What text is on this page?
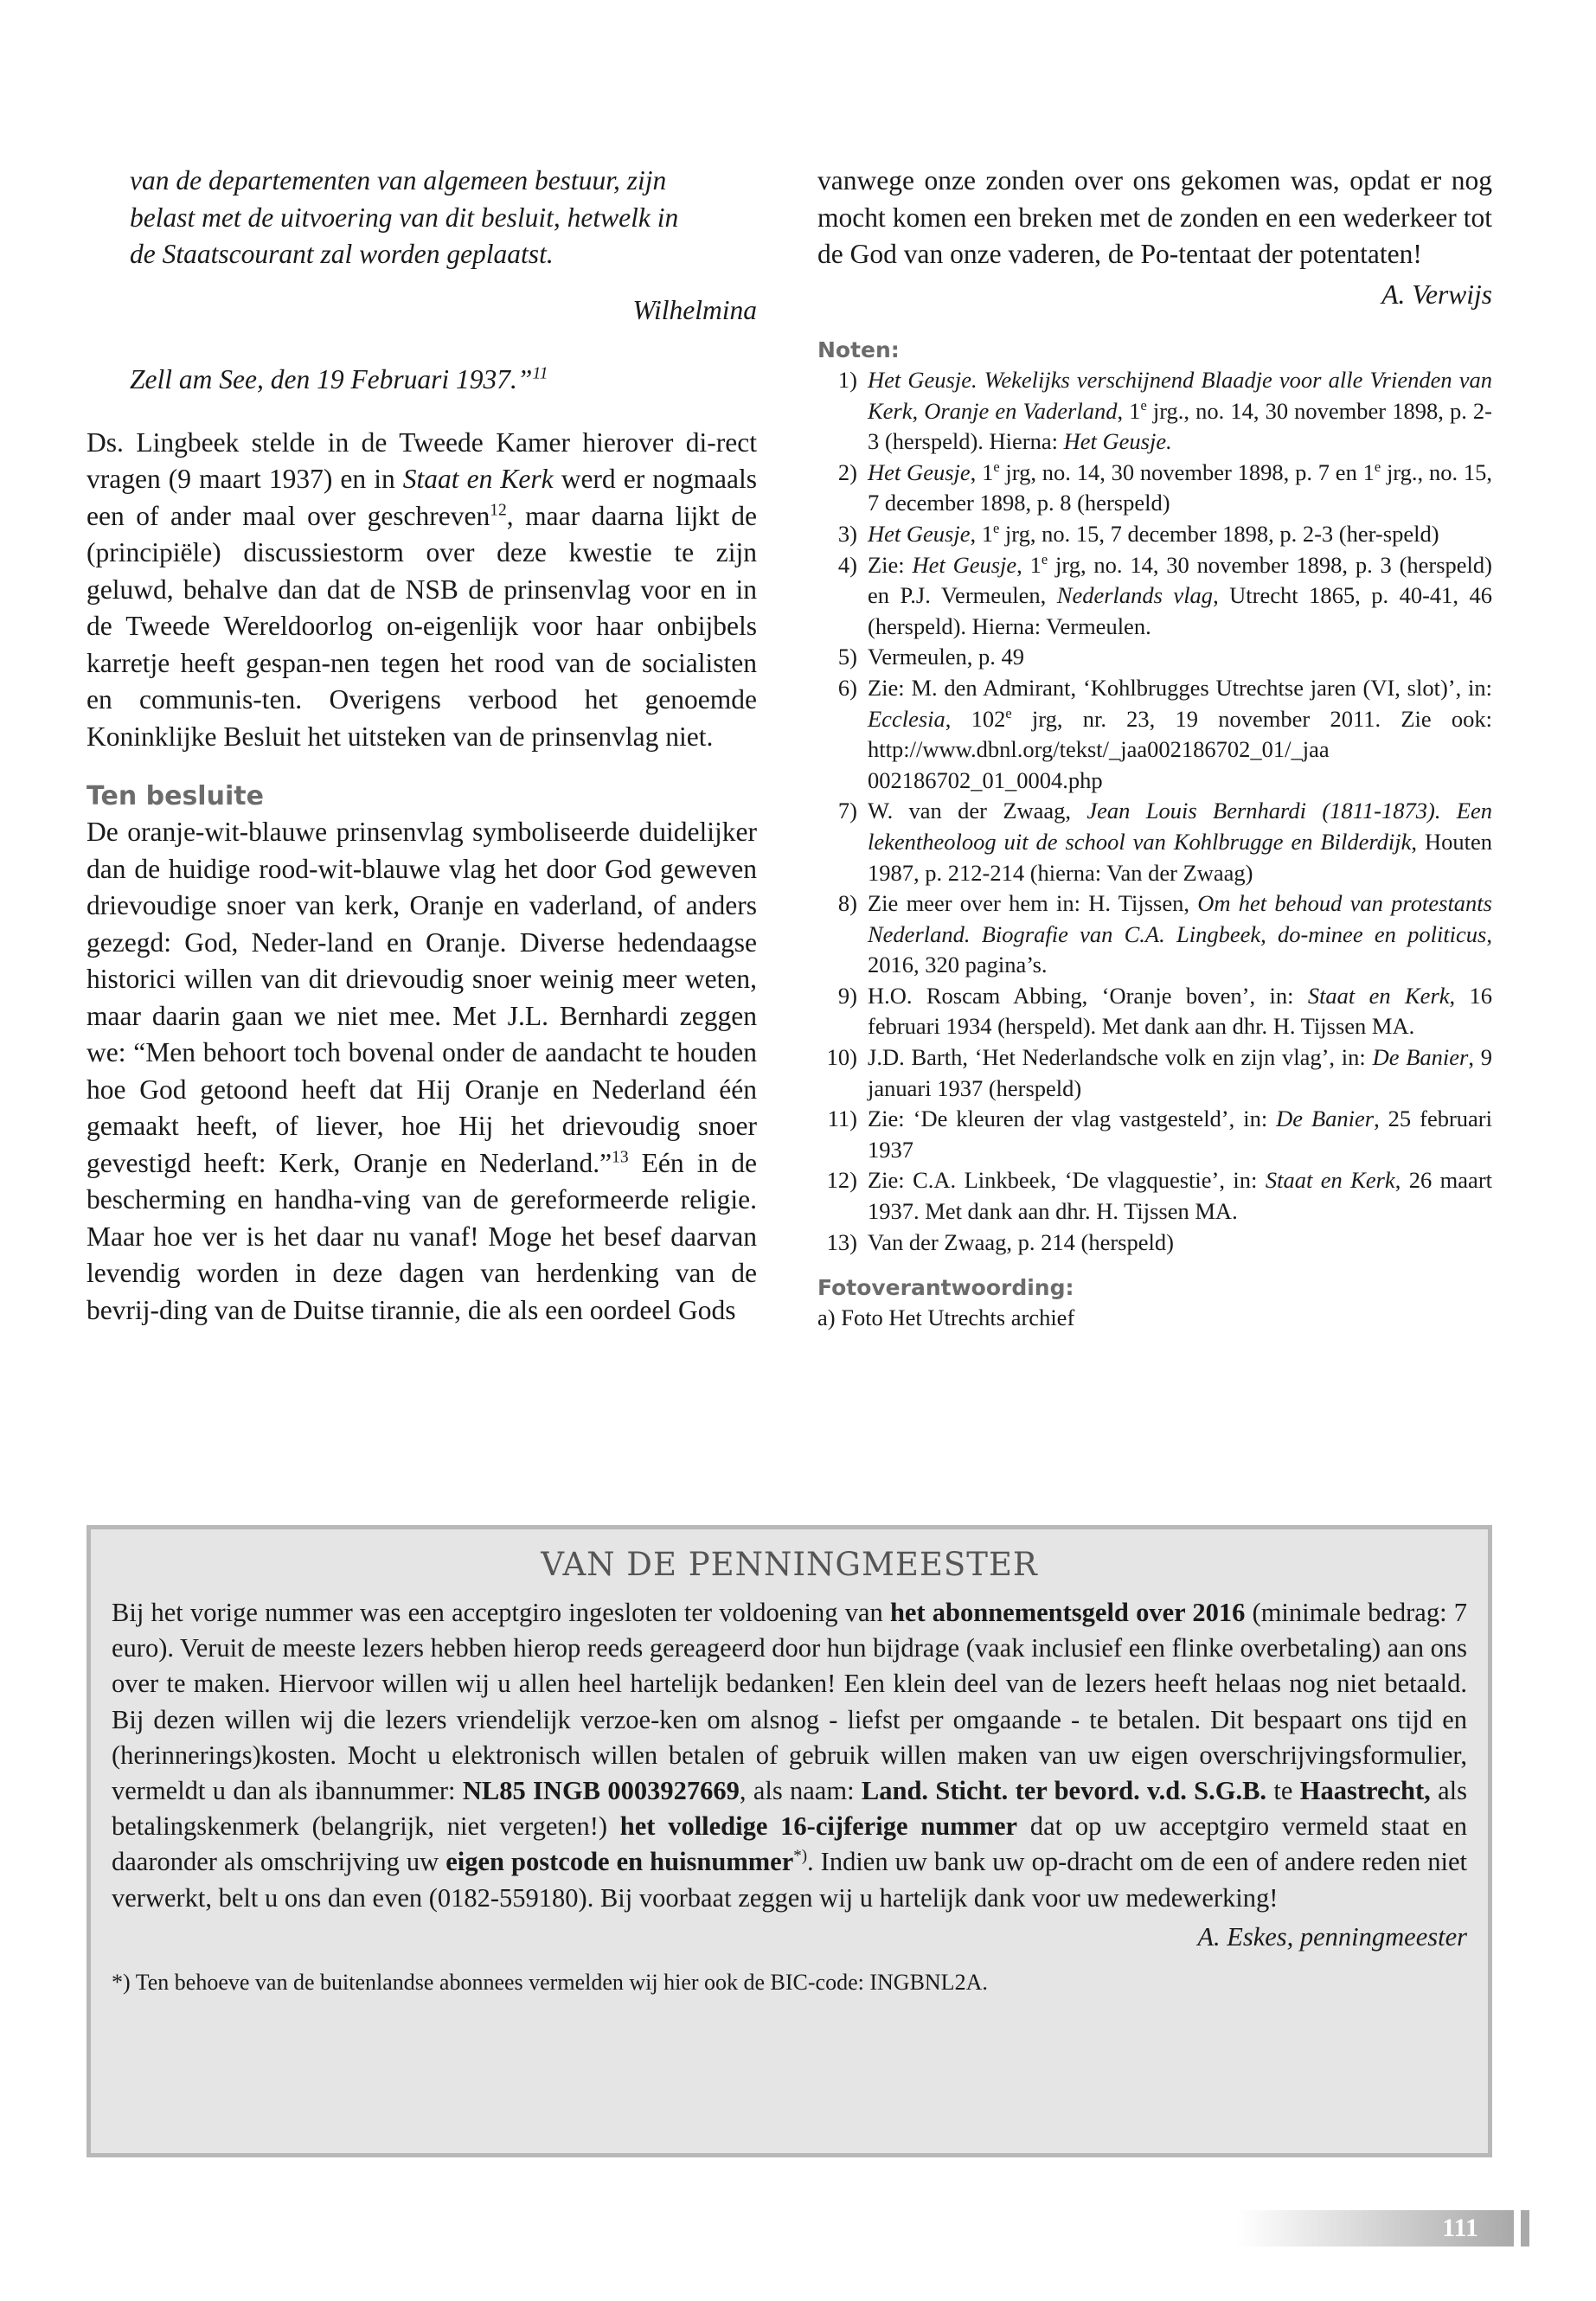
van de departementen van algemeen bestuur, zijn
belast met de uitvoering van dit besluit, hetwelk in
de Staatscourant zal worden geplaatst.
Wilhelmina
Zell am See, den 19 Februari 1937.”$^{11}$

Ds. Lingbeek stelde in de Tweede Kamer hierover di-rect vragen (9 maart 1937) en in Staat en Kerk werd er nogmaals een of ander maal over geschreven$^{12}$, maar daarna lijkt de (principiële) discussiestorm over deze kwestie te zijn geluwd, behalve dan dat de NSB de prinsenvlag voor en in de Tweede Wereldoorlog on-eigenlijk voor haar onbijbels karretje heeft gespan-nen tegen het rood van de socialisten en communis-ten. Overigens verbood het genoemde Koninklijke Besluit het uitsteken van de prinsenvlag niet.

Ten besluite

De oranje-wit-blauwe prinsenvlag symboliseerde duidelijker dan de huidige rood-wit-blauwe vlag het door God geweven drievoudige snoer van kerk, Oranje en vaderland, of anders gezegd: God, Neder-land en Oranje. Diverse hedendaagse historici willen van dit drievoudig snoer weinig meer weten, maar daarin gaan we niet mee. Met J.L. Bernhardi zeggen we: “Men behoort toch bovenal onder de aandacht te houden hoe God getoond heeft dat Hij Oranje en Nederland één gemaakt heeft, of liever, hoe Hij het drievoudig snoer gevestigd heeft: Kerk, Oranje en Nederland.”$^{13}$ Eén in de bescherming en handha-ving van de gereformeerde religie. Maar hoe ver is het daar nu vanaf! Moge het besef daarvan levendig worden in deze dagen van herdenking van de bevrij-ding van de Duitse tirannie, die als een oordeel Gods

vanwege onze zonden over ons gekomen was, opdat er nog mocht komen een breken met de zonden en een wederkeer tot de God van onze vaderen, de Po-tentaat der potentaten!

A. Verwijs
Noten:
1) Het Geusje. Wekelijks verschijnend Blaadje voor alle Vrienden van Kerk, Oranje en Vaderland, 1e jrg., no. 14, 30 november 1898, p. 2-3 (herspeld). Hierna: Het Geusje.
2) Het Geusje, 1e jrg, no. 14, 30 november 1898, p. 7 en 1e jrg., no. 15, 7 december 1898, p. 8 (herspeld)
3) Het Geusje, 1e jrg, no. 15, 7 december 1898, p. 2-3 (her-speld)
4) Zie: Het Geusje, 1e jrg, no. 14, 30 november 1898, p. 3 (herspeld) en P.J. Vermeulen, Nederlands vlag, Utrecht 1865, p. 40-41, 46 (herspeld). Hierna: Vermeulen.
5) Vermeulen, p. 49
6) Zie: M. den Admirant, ‘Kohlbrugges Utrechtse jaren (VI, slot)’, in: Ecclesia, 102e jrg, nr. 23, 19 november 2011. Zie ook: http://www.dbnl.org/tekst/_jaa002186702_01/_jaa 002186702_01_0004.php
7) W. van der Zwaag, Jean Louis Bernhardi (1811-1873). Een lekentheoloog uit de school van Kohlbrugge en Bilderdijk, Houten 1987, p. 212-214 (hierna: Van der Zwaag)
8) Zie meer over hem in: H. Tijssen, Om het behoud van protestants Nederland. Biografie van C.A. Lingbeek, do-minee en politicus, 2016, 320 pagina’s.
9) H.O. Roscam Abbing, ‘Oranje boven’, in: Staat en Kerk, 16 februari 1934 (herspeld). Met dank aan dhr. H. Tijssen MA.
10) J.D. Barth, ‘Het Nederlandsche volk en zijn vlag’, in: De Banier, 9 januari 1937 (herspeld)
11) Zie: ‘De kleuren der vlag vastgesteld’, in: De Banier, 25 februari 1937
12) Zie: C.A. Linkbeek, ‘De vlagquestie’, in: Staat en Kerk, 26 maart 1937. Met dank aan dhr. H. Tijssen MA.
13) Van der Zwaag, p. 214 (herspeld)
Fotoverantwoording:
a) Foto Het Utrechts archief
VAN DE PENNINGMEESTER

Bij het vorige nummer was een acceptgiro ingesloten ter voldoening van het abonnementsgeld over 2016 (minimale bedrag: 7 euro). Veruit de meeste lezers hebben hierop reeds gereageerd door hun bijdrage (vaak inclusief een flinke overbetaling) aan ons over te maken. Hiervoor willen wij u allen heel hartelijk bedanken! Een klein deel van de lezers heeft helaas nog niet betaald. Bij dezen willen wij die lezers vriendelijk verzoe-ken om alsnog - liefst per omgaande - te betalen. Dit bespaart ons tijd en (herinnerings)kosten. Mocht u elektronisch willen betalen of gebruik willen maken van uw eigen overschrijvingsformulier, vermeldt u dan als ibannummer: NL85 INGB 0003927669, als naam: Land. Sticht. ter bevord. v.d. S.G.B. te Haastrecht, als betalingskenmerk (belangrijk, niet vergeten!) het volledige 16-cijferige nummer dat op uw acceptgiro vermeld staat en daaronder als omschrijving uw eigen postcode en huisnummer*). Indien uw bank uw op-dracht om de een of andere reden niet verwerkt, belt u ons dan even (0182-559180). Bij voorbaat zeggen wij u hartelijk dank voor uw medewerking!

A. Eskes, penningmeester
*) Ten behoeve van de buitenlandse abonnees vermelden wij hier ook de BIC-code: INGBNL2A.
111
